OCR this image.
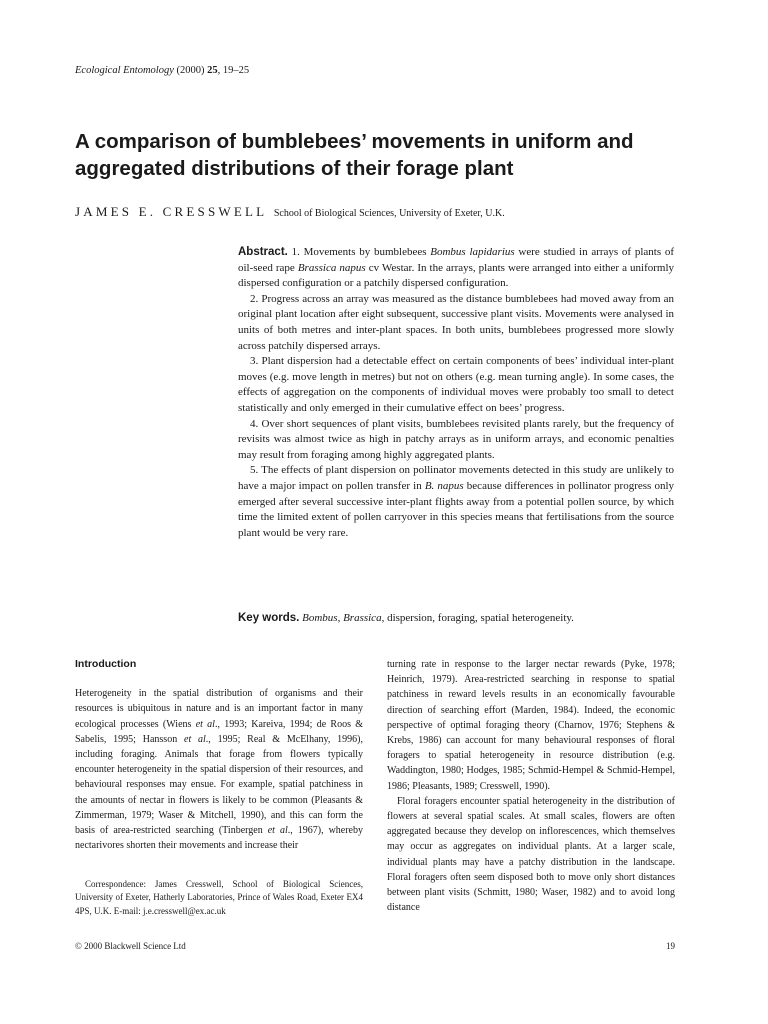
Ecological Entomology (2000) 25, 19–25
A comparison of bumblebees’ movements in uniform and aggregated distributions of their forage plant
JAMES E. CRESSWELL School of Biological Sciences, University of Exeter, U.K.

Abstract. 1. Movements by bumblebees Bombus lapidarius were studied in arrays of plants of oil-seed rape Brassica napus cv Westar. In the arrays, plants were arranged into either a uniformly dispersed configuration or a patchily dispersed configuration.

2. Progress across an array was measured as the distance bumblebees had moved away from an original plant location after eight subsequent, successive plant visits. Movements were analysed in units of both metres and inter-plant spaces. In both units, bumblebees progressed more slowly across patchily dispersed arrays.

3. Plant dispersion had a detectable effect on certain components of bees’ individual inter-plant moves (e.g. move length in metres) but not on others (e.g. mean turning angle). In some cases, the effects of aggregation on the components of individual moves were probably too small to detect statistically and only emerged in their cumulative effect on bees’ progress.

4. Over short sequences of plant visits, bumblebees revisited plants rarely, but the frequency of revisits was almost twice as high in patchy arrays as in uniform arrays, and economic penalties may result from foraging among highly aggregated plants.

5. The effects of plant dispersion on pollinator movements detected in this study are unlikely to have a major impact on pollen transfer in B. napus because differences in pollinator progress only emerged after several successive inter-plant flights away from a potential pollen source, by which time the limited extent of pollen carryover in this species means that fertilisations from the source plant would be very rare.

Key words. Bombus, Brassica, dispersion, foraging, spatial heterogeneity.
Introduction

Heterogeneity in the spatial distribution of organisms and their resources is ubiquitous in nature and is an important factor in many ecological processes (Wiens et al., 1993; Kareiva, 1994; de Roos & Sabelis, 1995; Hansson et al., 1995; Real & McElhany, 1996), including foraging. Animals that forage from flowers typically encounter heterogeneity in the spatial dispersion of their resources, and behavioural responses may ensue. For example, spatial patchiness in the amounts of nectar in flowers is likely to be common (Pleasants & Zimmerman, 1979; Waser & Mitchell, 1990), and this can form the basis of area-restricted searching (Tinbergen et al., 1967), whereby nectarivores shorten their movements and increase their

Correspondence: James Cresswell, School of Biological Sciences, University of Exeter, Hatherly Laboratories, Prince of Wales Road, Exeter EX4 4PS, U.K. E-mail: j.e.cresswell@ex.ac.uk

turning rate in response to the larger nectar rewards (Pyke, 1978; Heinrich, 1979). Area-restricted searching in response to spatial patchiness in reward levels results in an economically favourable direction of searching effort (Marden, 1984). Indeed, the economic perspective of optimal foraging theory (Charnov, 1976; Stephens & Krebs, 1986) can account for many behavioural responses of floral foragers to spatial heterogeneity in resource distribution (e.g. Waddington, 1980; Hodges, 1985; Schmid-Hempel & Schmid-Hempel, 1986; Pleasants, 1989; Cresswell, 1990).

Floral foragers encounter spatial heterogeneity in the distribution of flowers at several spatial scales. At small scales, flowers are often aggregated because they develop on inflorescences, which themselves may occur as aggregates on individual plants. At a larger scale, individual plants may have a patchy distribution in the landscape. Floral foragers often seem disposed both to move only short distances between plant visits (Schmitt, 1980; Waser, 1982) and to avoid long distance

© 2000 Blackwell Science Ltd	19
